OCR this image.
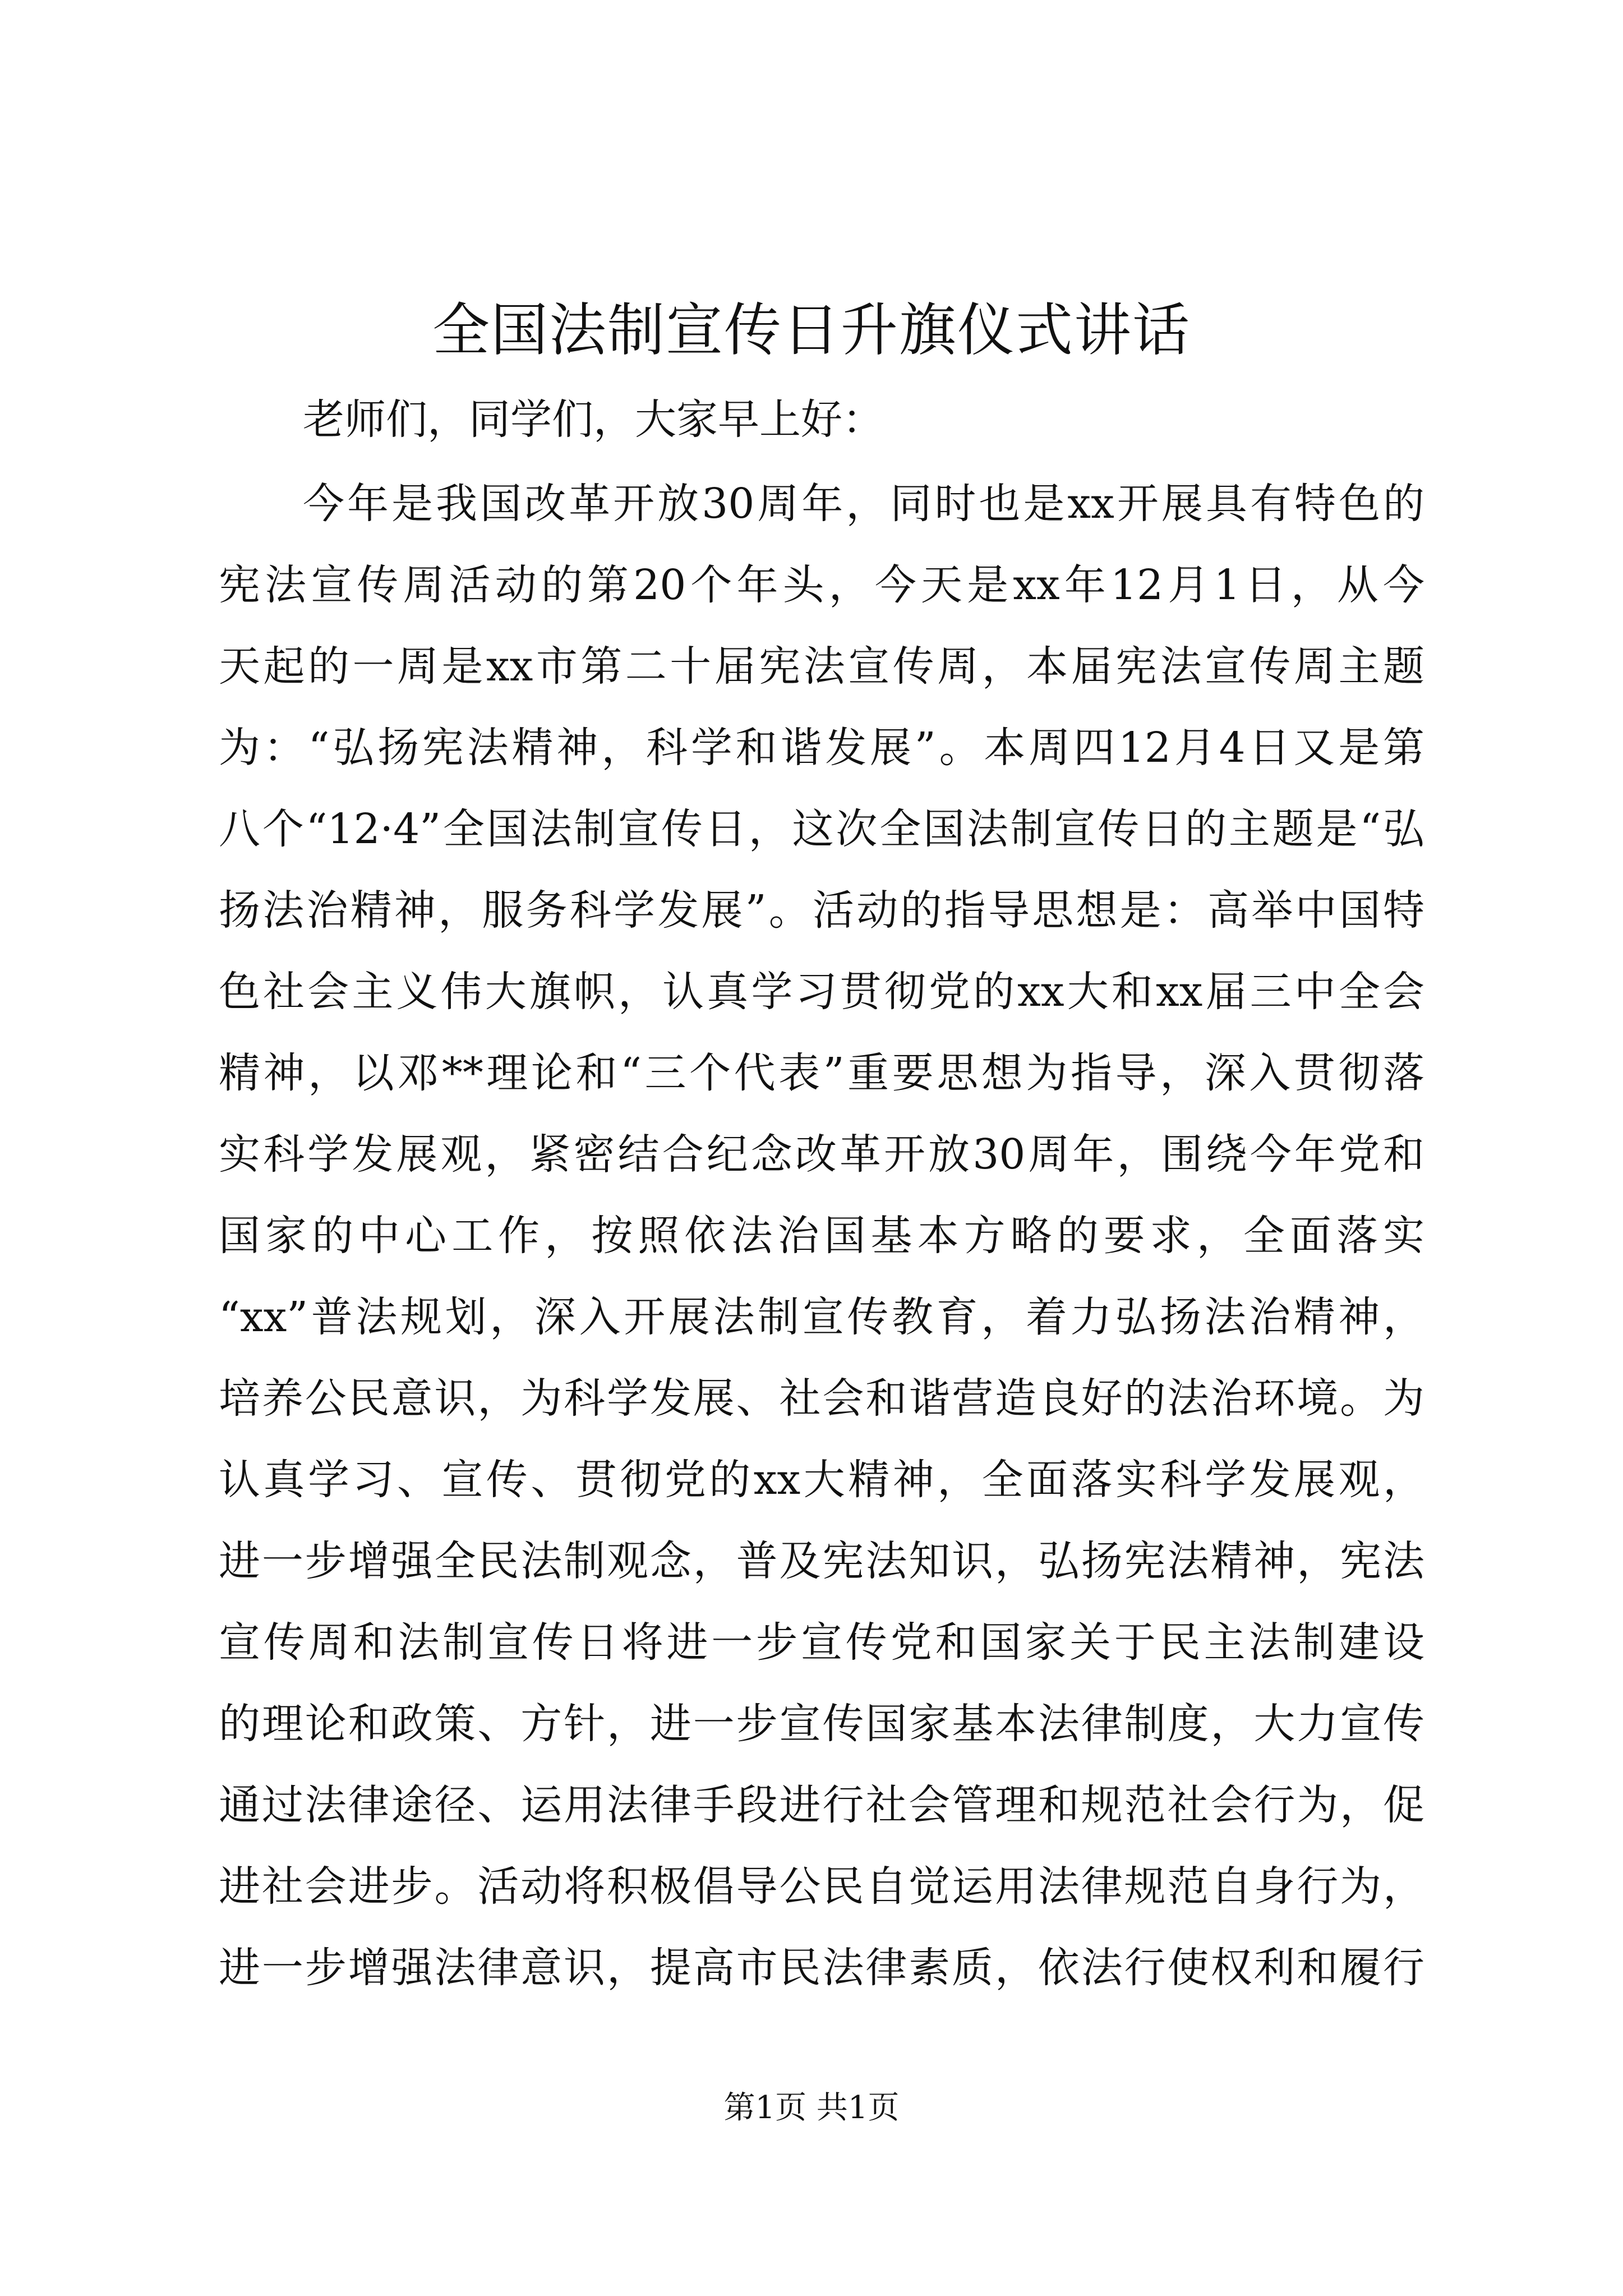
全国法制宣传日升旗仪式讲话

老师们，同学们，大家早上好：

今年是我国改革开放30周年，同时也是xx开展具有特色的

宪法宣传周活动的第20个年头，今天是xx年12月1日，从今

天起的一周是xx市第二十届宪法宣传周，本届宪法宣传周主题

为：“弘扬宪法精神，科学和谐发展”。本周四12月4日又是第

八个“12·4”全国法制宣传日，这次全国法制宣传日的主题是“弘

扬法治精神，服务科学发展”。活动的指导思想是：高举中国特

色社会主义伟大旗帜，认真学习贯彻党的xx大和xx届三中全会

精神，以邓**理论和“三个代表”重要思想为指导，深入贯彻落

实科学发展观，紧密结合纪念改革开放30周年，围绕今年党和

国家的中心工作，按照依法治国基本方略的要求，全面落实

“xx”普法规划，深入开展法制宣传教育，着力弘扬法治精神，

培养公民意识，为科学发展、社会和谐营造良好的法治环境。为

认真学习、宣传、贯彻党的xx大精神，全面落实科学发展观，

进一步增强全民法制观念，普及宪法知识，弘扬宪法精神，宪法

宣传周和法制宣传日将进一步宣传党和国家关于民主法制建设

的理论和政策、方针，进一步宣传国家基本法律制度，大力宣传

通过法律途径、运用法律手段进行社会管理和规范社会行为，促

进社会进步。活动将积极倡导公民自觉运用法律规范自身行为，

进一步增强法律意识，提高市民法律素质，依法行使权利和履行

第1页 共1页
